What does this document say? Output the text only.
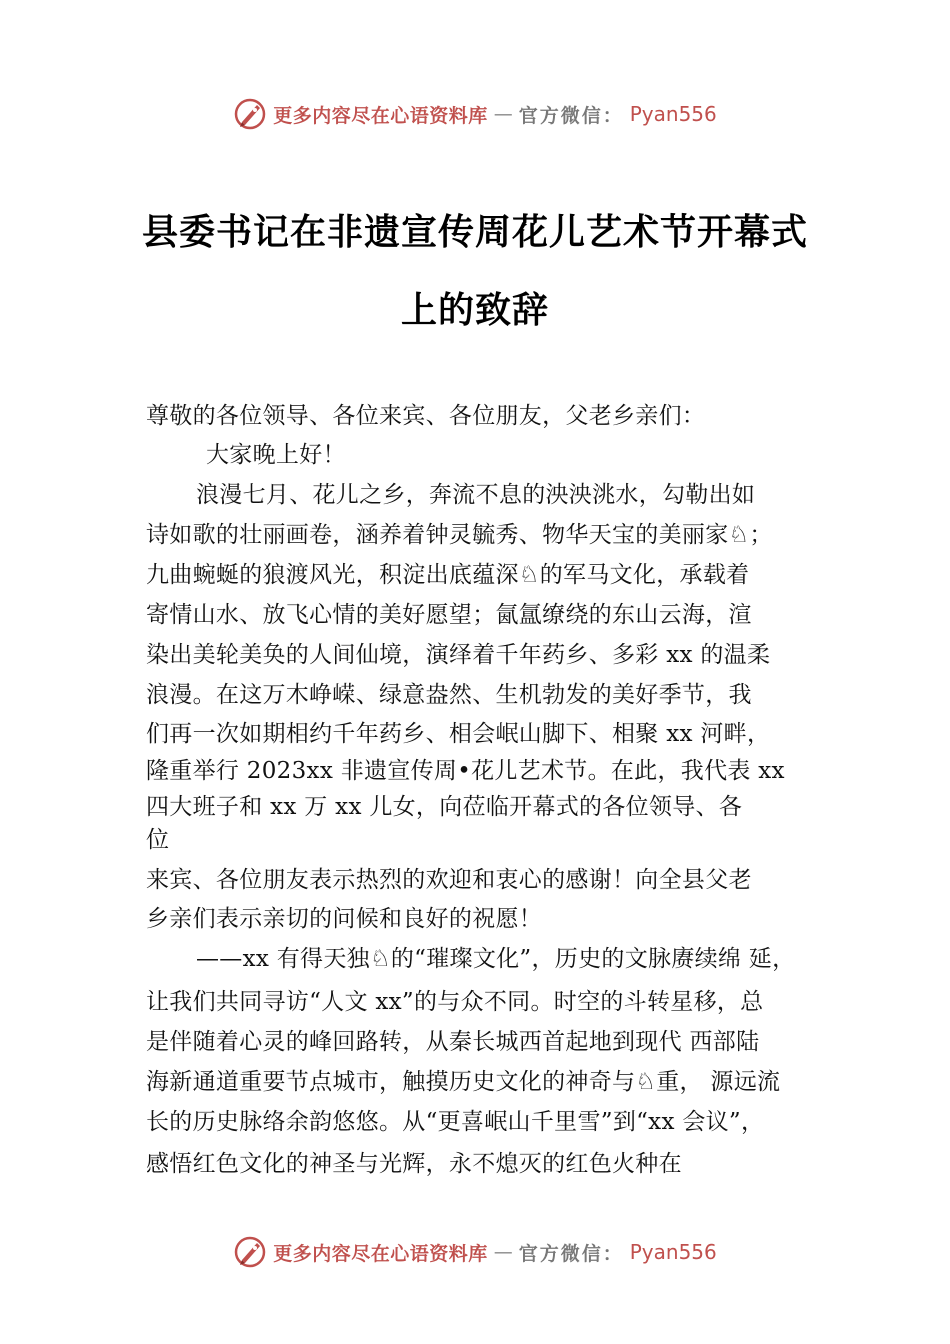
更多内容尽在心语资料库 — 官方微信： Pyan556
县委书记在非遗宣传周花儿艺术节开幕式
上的致辞
尊敬的各位领导、各位来宾、各位朋友，父老乡亲们：
大家晚上好！
浪漫七月、花儿之乡，奔流不息的泱泱洮水，勾勒出如
诗如歌的壮丽画卷，涵养着钟灵毓秀、物华天宝的美丽家♘；
九曲蜿蜒的狼渡风光，积淀出底蕴深♘的军马文化，承载着
寄情山水、放飞心情的美好愿望；氤氲缭绕的东山云海，渲
染出美轮美奂的人间仙境，演绎着千年药乡、多彩 xx 的温柔
浪漫。在这万木峥嵘、绿意盎然、生机勃发的美好季节，我
们再一次如期相约千年药乡、相会岷山脚下、相聚 xx 河畔，
隆重举行 2023xx 非遗宣传周•花儿艺术节。在此，我代表 xx
四大班子和 xx 万 xx 儿女，向莅临开幕式的各位领导、各
位
来宾、各位朋友表示热烈的欢迎和衷心的感谢！向全县父老
乡亲们表示亲切的问候和良好的祝愿！
——xx 有得天独♘的“璀璨文化”，历史的文脉赓续绵 延，
让我们共同寻访“人文 xx”的与众不同。时空的斗转星移，总
是伴随着心灵的峰回路转，从秦长城西首起地到现代 西部陆
海新通道重要节点城市，触摸历史文化的神奇与♘重， 源远流
长的历史脉络余韵悠悠。从“更喜岷山千里雪”到“xx 会议”，
感悟红色文化的神圣与光辉，永不熄灭的红色火种在
更多内容尽在心语资料库 — 官方微信： Pyan556
